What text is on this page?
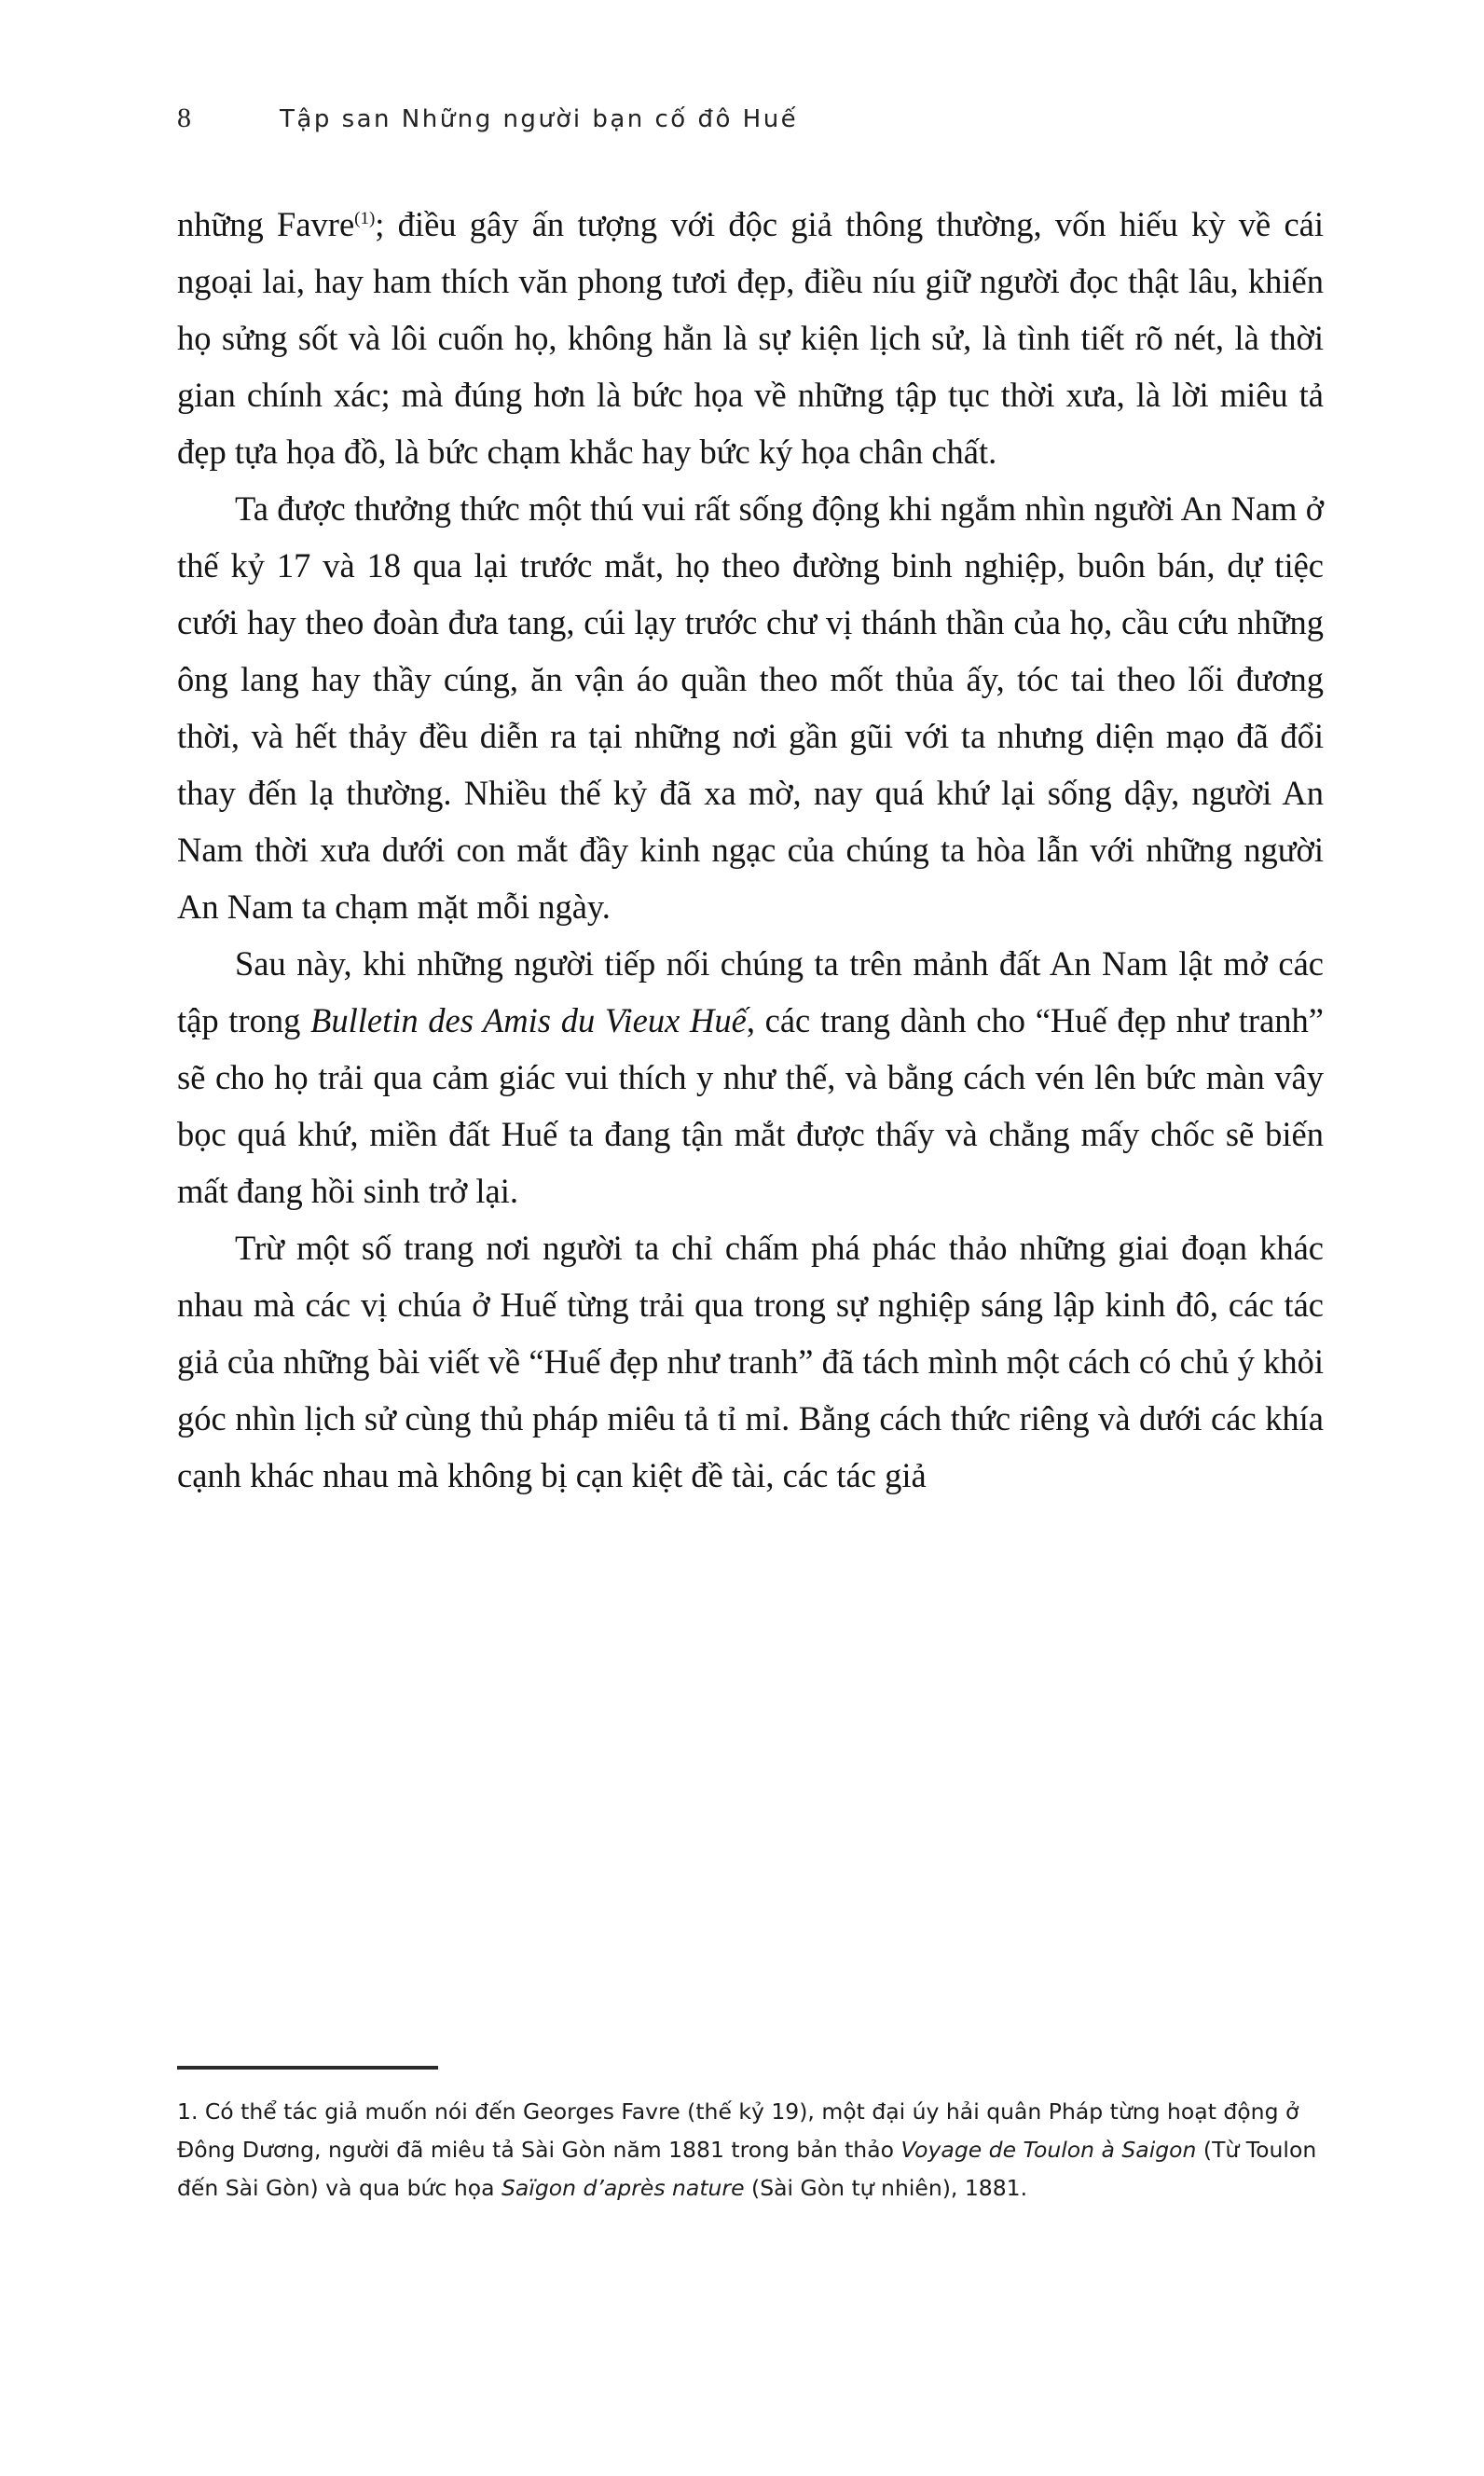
8	Tập san Những người bạn cố đô Huế

những Favre$^{(1)}$; điều gây ấn tượng với độc giả thông thường, vốn hiếu kỳ về cái ngoại lai, hay ham thích văn phong tươi đẹp, điều níu giữ người đọc thật lâu, khiến họ sửng sốt và lôi cuốn họ, không hẳn là sự kiện lịch sử, là tình tiết rõ nét, là thời gian chính xác; mà đúng hơn là bức họa về những tập tục thời xưa, là lời miêu tả đẹp tựa họa đồ, là bức chạm khắc hay bức ký họa chân chất.

Ta được thưởng thức một thú vui rất sống động khi ngắm nhìn người An Nam ở thế kỷ 17 và 18 qua lại trước mắt, họ theo đường binh nghiệp, buôn bán, dự tiệc cưới hay theo đoàn đưa tang, cúi lạy trước chư vị thánh thần của họ, cầu cứu những ông lang hay thầy cúng, ăn vận áo quần theo mốt thủa ấy, tóc tai theo lối đương thời, và hết thảy đều diễn ra tại những nơi gần gũi với ta nhưng diện mạo đã đổi thay đến lạ thường. Nhiều thế kỷ đã xa mờ, nay quá khứ lại sống dậy, người An Nam thời xưa dưới con mắt đầy kinh ngạc của chúng ta hòa lẫn với những người An Nam ta chạm mặt mỗi ngày.

Sau này, khi những người tiếp nối chúng ta trên mảnh đất An Nam lật mở các tập trong Bulletin des Amis du Vieux Huế, các trang dành cho “Huế đẹp như tranh” sẽ cho họ trải qua cảm giác vui thích y như thế, và bằng cách vén lên bức màn vây bọc quá khứ, miền đất Huế ta đang tận mắt được thấy và chẳng mấy chốc sẽ biến mất đang hồi sinh trở lại.

Trừ một số trang nơi người ta chỉ chấm phá phác thảo những giai đoạn khác nhau mà các vị chúa ở Huế từng trải qua trong sự nghiệp sáng lập kinh đô, các tác giả của những bài viết về “Huế đẹp như tranh” đã tách mình một cách có chủ ý khỏi góc nhìn lịch sử cùng thủ pháp miêu tả tỉ mỉ. Bằng cách thức riêng và dưới các khía cạnh khác nhau mà không bị cạn kiệt đề tài, các tác giả

1. Có thể tác giả muốn nói đến Georges Favre (thế kỷ 19), một đại úy hải quân Pháp từng hoạt động ở Đông Dương, người đã miêu tả Sài Gòn năm 1881 trong bản thảo Voyage de Toulon à Saigon (Từ Toulon đến Sài Gòn) và qua bức họa Saïgon d’après nature (Sài Gòn tự nhiên), 1881.
